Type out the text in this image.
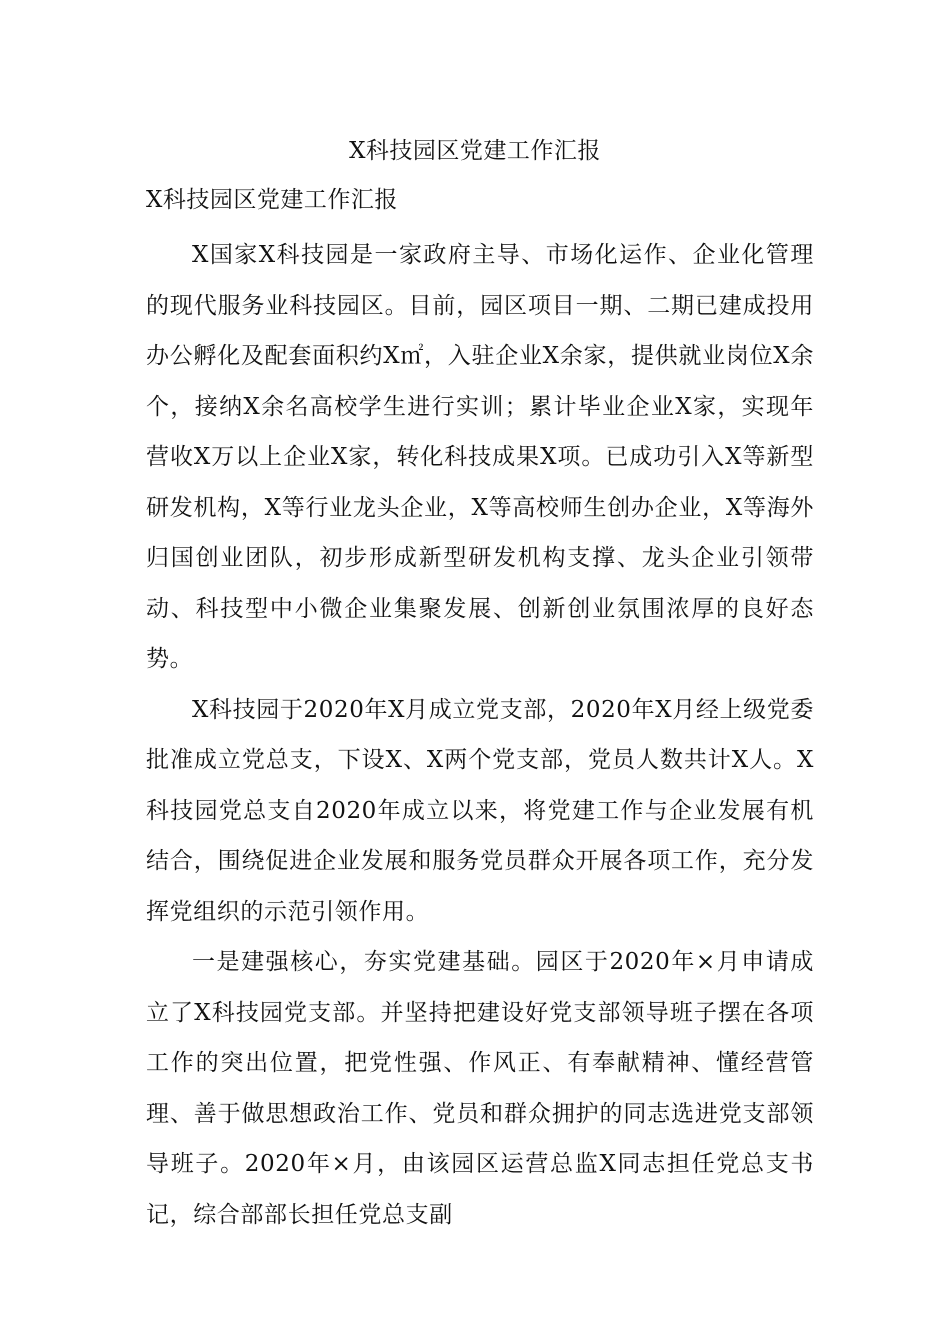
X科技园区党建工作汇报

X科技园区党建工作汇报

X国家X科技园是一家政府主导、市场化运作、企业化管理的现代服务业科技园区。目前，园区项目一期、二期已建成投用办公孵化及配套面积约X㎡，入驻企业X余家，提供就业岗位X余个，接纳X余名高校学生进行实训；累计毕业企业X家，实现年营收X万以上企业X家，转化科技成果X项。已成功引入X等新型研发机构，X等行业龙头企业，X等高校师生创办企业，X等海外归国创业团队，初步形成新型研发机构支撑、龙头企业引领带动、科技型中小微企业集聚发展、创新创业氛围浓厚的良好态势。

X科技园于2020年X月成立党支部，2020年X月经上级党委批准成立党总支，下设X、X两个党支部，党员人数共计X人。X科技园党总支自2020年成立以来，将党建工作与企业发展有机结合，围绕促进企业发展和服务党员群众开展各项工作，充分发挥党组织的示范引领作用。

一是建强核心，夯实党建基础。园区于2020年×月申请成立了X科技园党支部。并坚持把建设好党支部领导班子摆在各项工作的突出位置，把党性强、作风正、有奉献精神、懂经营管理、善于做思想政治工作、党员和群众拥护的同志选进党支部领导班子。2020年×月，由该园区运营总监X同志担任党总支书记，综合部部长担任党总支副
